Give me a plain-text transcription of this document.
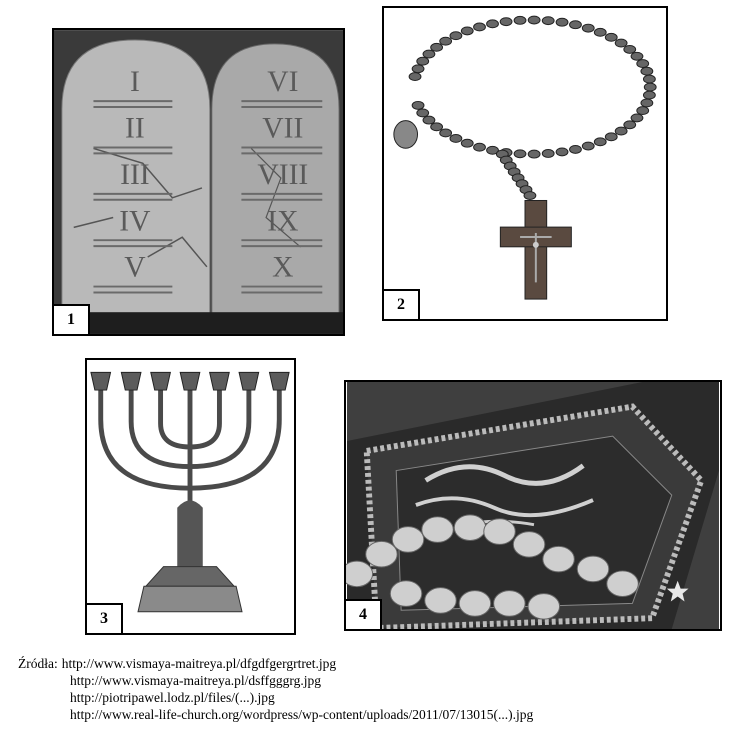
I
II
III
IV
V
VI
VII
VIII
IX
X
1
2
3	4
Źródła: http://www.vismaya-maitreya.pl/dfgdfgergrtret.jpg
http://www.vismaya-maitreya.pl/dsffgggrg.jpg
http://piotripawel.lodz.pl/files/(...).jpg
http://www.real-life-church.org/wordpress/wp-content/uploads/2011/07/13015(...).jpg
